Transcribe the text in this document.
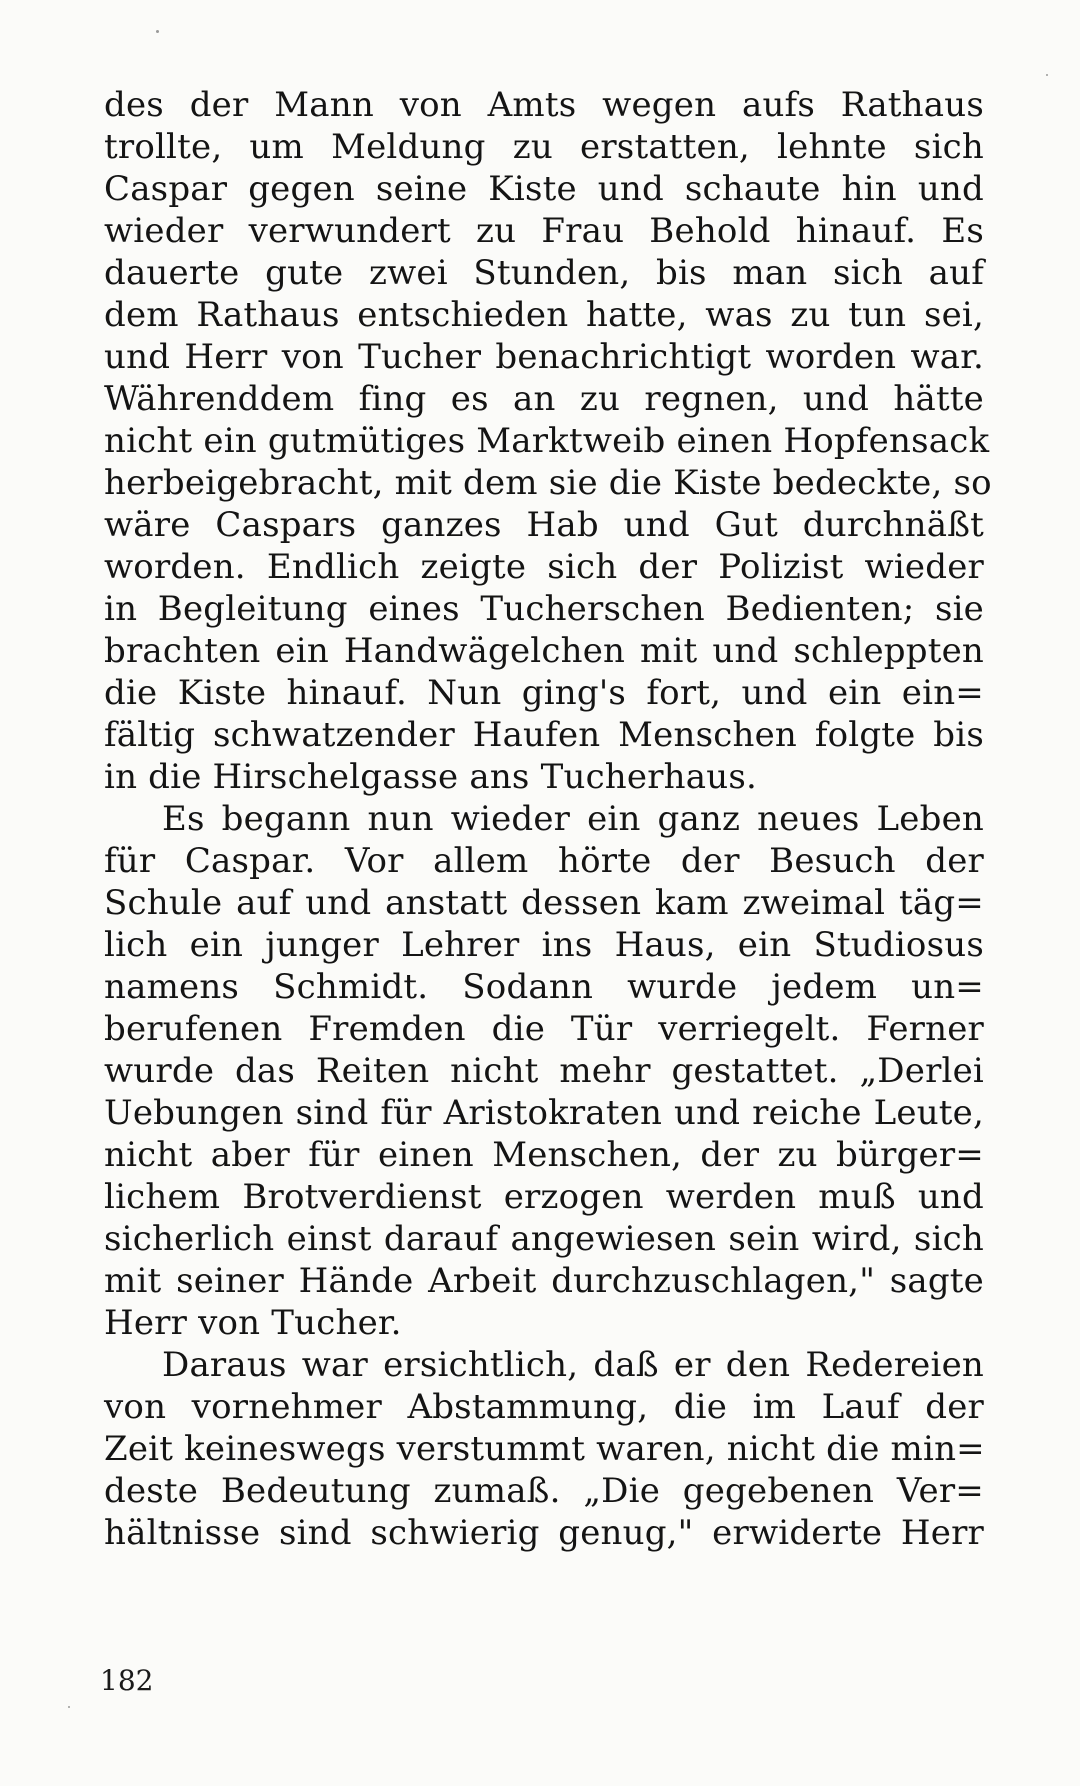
des der Mann von Amts wegen aufs Rathaus
trollte, um Meldung zu erstatten, lehnte sich
Caspar gegen seine Kiste und schaute hin und
wieder verwundert zu Frau Behold hinauf. Es
dauerte gute zwei Stunden, bis man sich auf
dem Rathaus entschieden hatte, was zu tun sei,
und Herr von Tucher benachrichtigt worden war.
Währenddem fing es an zu regnen, und hätte
nicht ein gutmütiges Marktweib einen Hopfensack
herbeigebracht, mit dem sie die Kiste bedeckte, so
wäre Caspars ganzes Hab und Gut durchnäßt
worden. Endlich zeigte sich der Polizist wieder
in Begleitung eines Tucherschen Bedienten; sie
brachten ein Handwägelchen mit und schleppten
die Kiste hinauf. Nun ging's fort, und ein ein=
fältig schwatzender Haufen Menschen folgte bis
in die Hirschelgasse ans Tucherhaus.
Es begann nun wieder ein ganz neues Leben
für Caspar. Vor allem hörte der Besuch der
Schule auf und anstatt dessen kam zweimal täg=
lich ein junger Lehrer ins Haus, ein Studiosus
namens Schmidt. Sodann wurde jedem un=
berufenen Fremden die Tür verriegelt. Ferner
wurde das Reiten nicht mehr gestattet. „Derlei
Uebungen sind für Aristokraten und reiche Leute,
nicht aber für einen Menschen, der zu bürger=
lichem Brotverdienst erzogen werden muß und
sicherlich einst darauf angewiesen sein wird, sich
mit seiner Hände Arbeit durchzuschlagen," sagte
Herr von Tucher.
Daraus war ersichtlich, daß er den Redereien
von vornehmer Abstammung, die im Lauf der
Zeit keineswegs verstummt waren, nicht die min=
deste Bedeutung zumaß. „Die gegebenen Ver=
hältnisse sind schwierig genug," erwiderte Herr
182
